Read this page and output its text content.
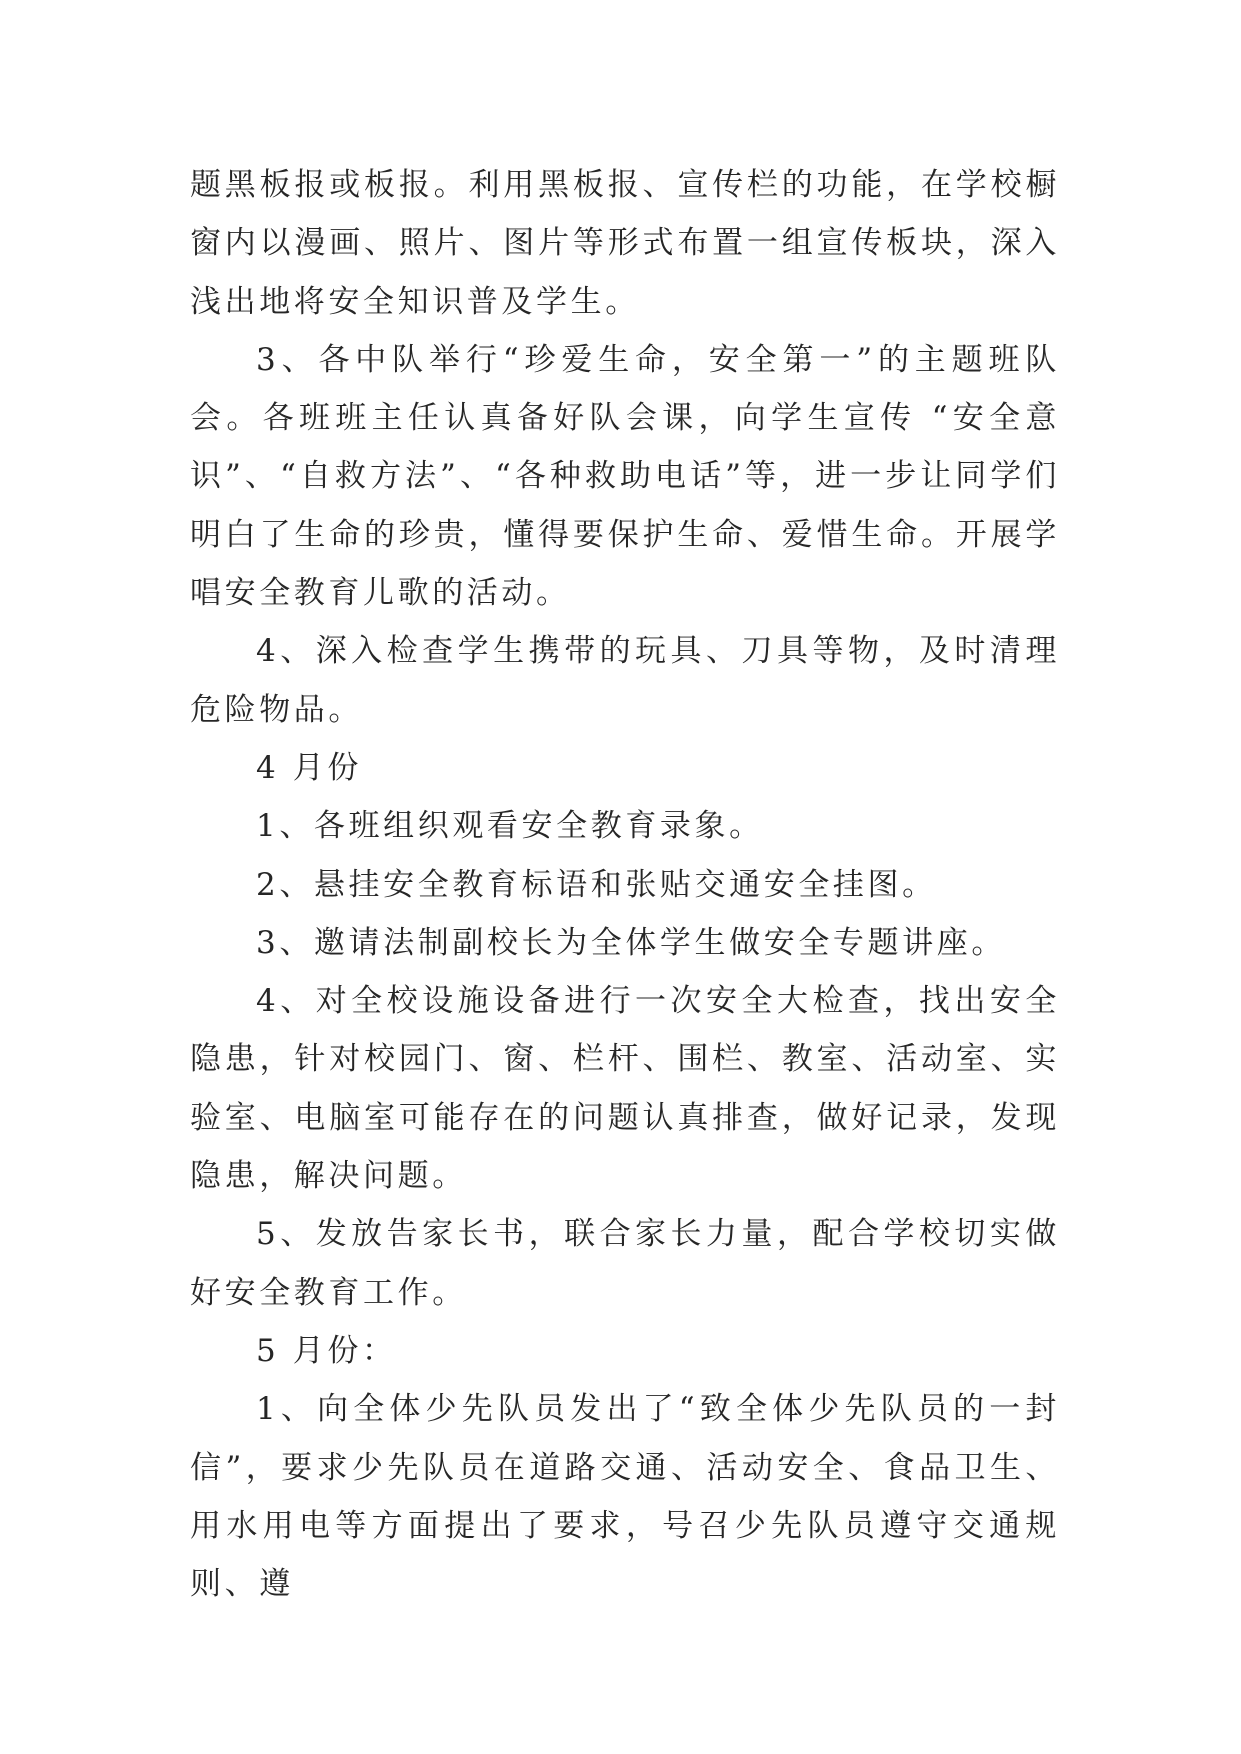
题黑板报或板报。利用黑板报、宣传栏的功能，在学校橱窗内以漫画、照片、图片等形式布置一组宣传板块，深入浅出地将安全知识普及学生。

3、各中队举行“珍爱生命，安全第一”的主题班队会。各班班主任认真备好队会课，向学生宣传 “安全意识”、“自救方法”、“各种救助电话”等，进一步让同学们明白了生命的珍贵，懂得要保护生命、爱惜生命。开展学唱安全教育儿歌的活动。

4、深入检查学生携带的玩具、刀具等物，及时清理危险物品。

4 月份

1、各班组织观看安全教育录象。

2、悬挂安全教育标语和张贴交通安全挂图。

3、邀请法制副校长为全体学生做安全专题讲座。

4、对全校设施设备进行一次安全大检查，找出安全隐患，针对校园门、窗、栏杆、围栏、教室、活动室、实验室、电脑室可能存在的问题认真排查，做好记录，发现隐患，解决问题。

5、发放告家长书，联合家长力量，配合学校切实做好安全教育工作。

5 月份：

1、向全体少先队员发出了“致全体少先队员的一封信”，要求少先队员在道路交通、活动安全、食品卫生、用水用电等方面提出了要求，号召少先队员遵守交通规则、遵
